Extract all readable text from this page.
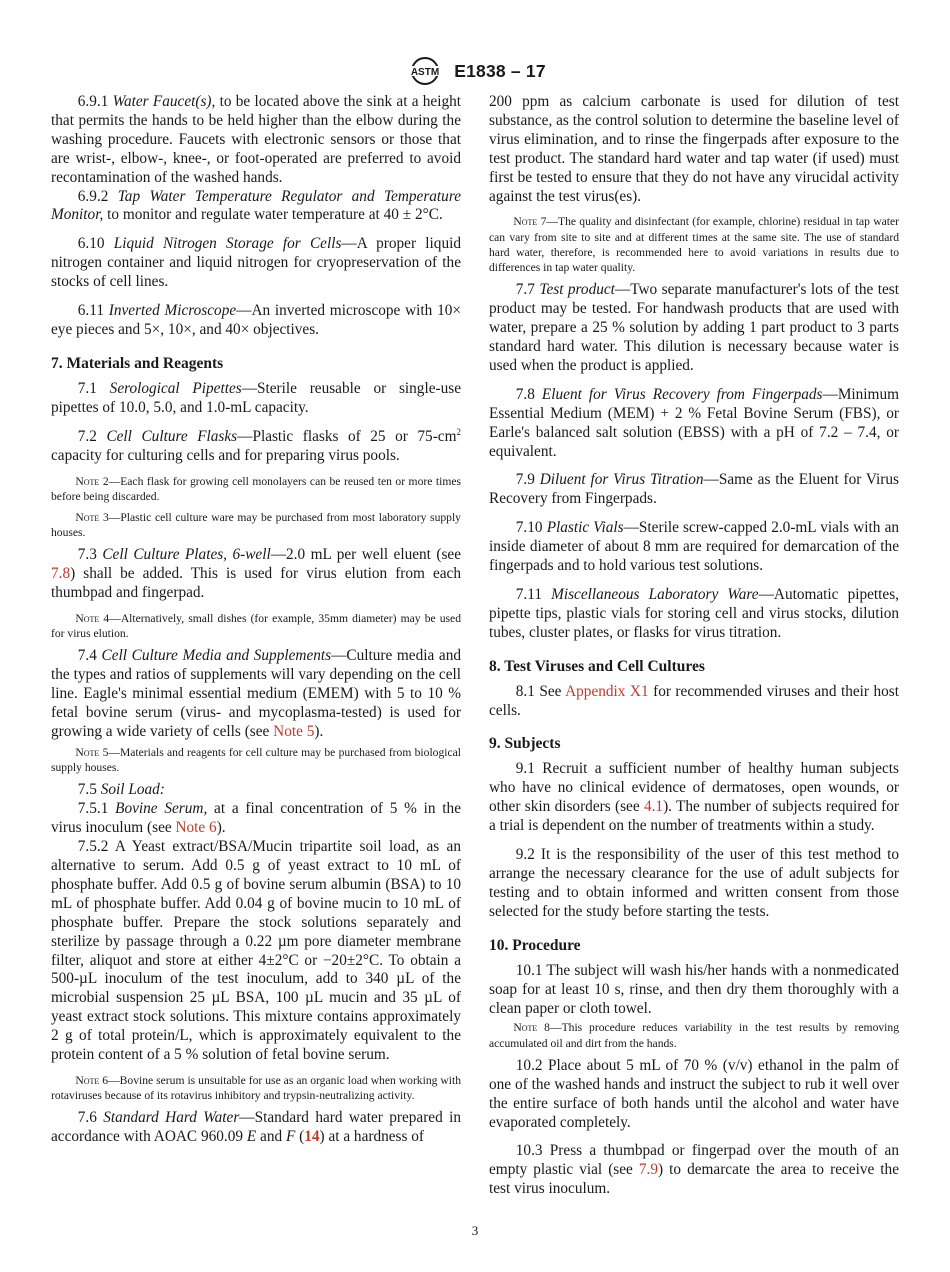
ASTM E1838 – 17

6.9.1 Water Faucet(s), to be located above the sink at a height that permits the hands to be held higher than the elbow during the washing procedure. Faucets with electronic sensors or those that are wrist-, elbow-, knee-, or foot-operated are preferred to avoid recontamination of the washed hands.

6.9.2 Tap Water Temperature Regulator and Temperature Monitor, to monitor and regulate water temperature at 40 ± 2°C.

6.10 Liquid Nitrogen Storage for Cells—A proper liquid nitrogen container and liquid nitrogen for cryopreservation of the stocks of cell lines.

6.11 Inverted Microscope—An inverted microscope with 10× eye pieces and 5×, 10×, and 40× objectives.

7. Materials and Reagents

7.1 Serological Pipettes—Sterile reusable or single-use pipettes of 10.0, 5.0, and 1.0-mL capacity.

7.2 Cell Culture Flasks—Plastic flasks of 25 or $75-cm^2$ capacity for culturing cells and for preparing virus pools.

Note 2—Each flask for growing cell monolayers can be reused ten or more times before being discarded.

Note 3—Plastic cell culture ware may be purchased from most laboratory supply houses.

7.3 Cell Culture Plates, 6-well—2.0 mL per well eluent (see 7.8) shall be added. This is used for virus elution from each thumbpad and fingerpad.

Note 4—Alternatively, small dishes (for example, 35mm diameter) may be used for virus elution.

7.4 Cell Culture Media and Supplements—Culture media and the types and ratios of supplements will vary depending on the cell line. Eagle's minimal essential medium (EMEM) with 5 to 10 % fetal bovine serum (virus- and mycoplasma-tested) is used for growing a wide variety of cells (see Note 5).

Note 5—Materials and reagents for cell culture may be purchased from biological supply houses.

7.5 Soil Load:

7.5.1 Bovine Serum, at a final concentration of 5 % in the virus inoculum (see Note 6).

7.5.2 A Yeast extract/BSA/Mucin tripartite soil load, as an alternative to serum. Add 0.5 g of yeast extract to 10 mL of phosphate buffer. Add 0.5 g of bovine serum albumin (BSA) to 10 mL of phosphate buffer. Add 0.04 g of bovine mucin to 10 mL of phosphate buffer. Prepare the stock solutions separately and sterilize by passage through a 0.22 µm pore diameter membrane filter, aliquot and store at either 4±2°C or −20±2°C. To obtain a 500-µL inoculum of the test inoculum, add to 340 µL of the microbial suspension 25 µL BSA, 100 µL mucin and 35 µL of yeast extract stock solutions. This mixture contains approximately 2 g of total protein/L, which is approximately equivalent to the protein content of a 5 % solution of fetal bovine serum.

Note 6—Bovine serum is unsuitable for use as an organic load when working with rotaviruses because of its rotavirus inhibitory and trypsin-neutralizing activity.

7.6 Standard Hard Water—Standard hard water prepared in accordance with AOAC 960.09 E and F (14) at a hardness of

200 ppm as calcium carbonate is used for dilution of test substance, as the control solution to determine the baseline level of virus elimination, and to rinse the fingerpads after exposure to the test product. The standard hard water and tap water (if used) must first be tested to ensure that they do not have any virucidal activity against the test virus(es).

Note 7—The quality and disinfectant (for example, chlorine) residual in tap water can vary from site to site and at different times at the same site. The use of standard hard water, therefore, is recommended here to avoid variations in results due to differences in tap water quality.

7.7 Test product—Two separate manufacturer's lots of the test product may be tested. For handwash products that are used with water, prepare a 25 % solution by adding 1 part product to 3 parts standard hard water. This dilution is necessary because water is used when the product is applied.

7.8 Eluent for Virus Recovery from Fingerpads—Minimum Essential Medium (MEM) + 2 % Fetal Bovine Serum (FBS), or Earle's balanced salt solution (EBSS) with a pH of 7.2 – 7.4, or equivalent.

7.9 Diluent for Virus Titration—Same as the Eluent for Virus Recovery from Fingerpads.

7.10 Plastic Vials—Sterile screw-capped 2.0-mL vials with an inside diameter of about 8 mm are required for demarcation of the fingerpads and to hold various test solutions.

7.11 Miscellaneous Laboratory Ware—Automatic pipettes, pipette tips, plastic vials for storing cell and virus stocks, dilution tubes, cluster plates, or flasks for virus titration.

8. Test Viruses and Cell Cultures

8.1 See Appendix X1 for recommended viruses and their host cells.

9. Subjects

9.1 Recruit a sufficient number of healthy human subjects who have no clinical evidence of dermatoses, open wounds, or other skin disorders (see 4.1). The number of subjects required for a trial is dependent on the number of treatments within a study.

9.2 It is the responsibility of the user of this test method to arrange the necessary clearance for the use of adult subjects for testing and to obtain informed and written consent from those selected for the study before starting the tests.

10. Procedure

10.1 The subject will wash his/her hands with a nonmedicated soap for at least 10 s, rinse, and then dry them thoroughly with a clean paper or cloth towel.

Note 8—This procedure reduces variability in the test results by removing accumulated oil and dirt from the hands.

10.2 Place about 5 mL of 70 % (v/v) ethanol in the palm of one of the washed hands and instruct the subject to rub it well over the entire surface of both hands until the alcohol and water have evaporated completely.

10.3 Press a thumbpad or fingerpad over the mouth of an empty plastic vial (see 7.9) to demarcate the area to receive the test virus inoculum.

3
